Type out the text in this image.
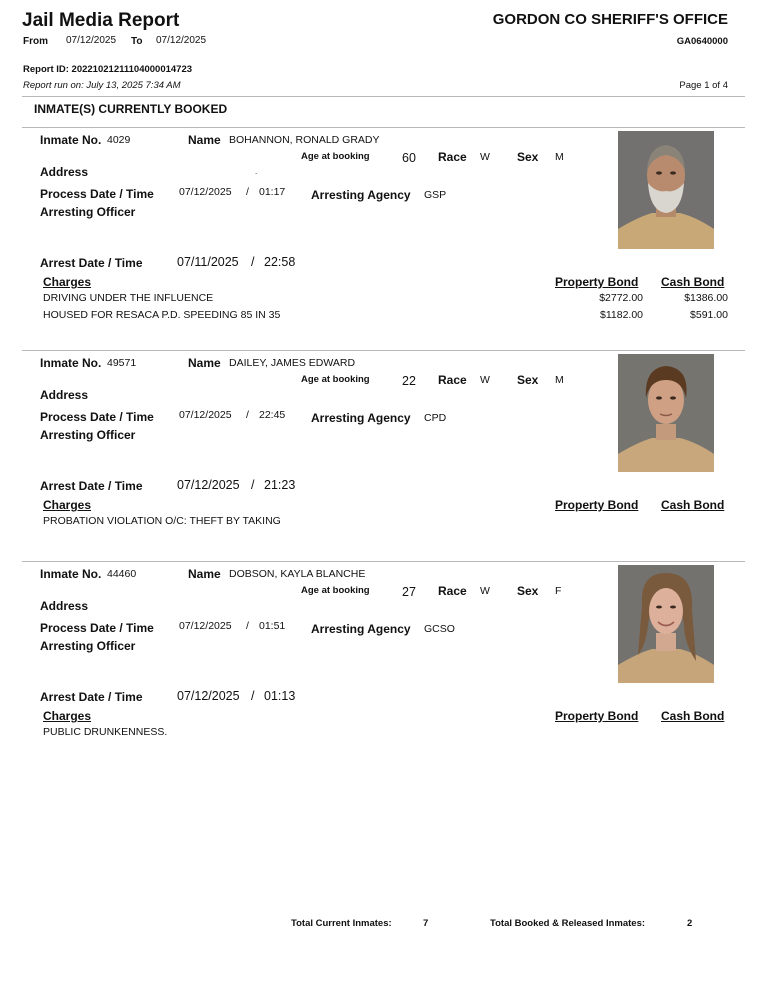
Jail Media Report	GORDON CO SHERIFF'S OFFICE
From 07/12/2025 To 07/12/2025	GA0640000
Report ID: 20221021211104000014723
Report run on: July 13, 2025 7:34 AM	Page 1 of 4
INMATE(S) CURRENTLY BOOKED
Inmate No. 4029	Name BOHANNON, RONALD GRADY
Age at booking	60 Race W Sex M
Address	.
Process Date / Time 07/12/2025 / 01:17 Arresting Agency GSP
Arresting Officer
Arrest Date / Time	07/11/2025 / 22:58
Charges	Property Bond Cash Bond
DRIVING UNDER THE INFLUENCE	$2772.00	$1386.00
HOUSED FOR RESACA P.D. SPEEDING 85 IN 35	$1182.00	$591.00
Inmate No. 49571	Name DAILEY, JAMES EDWARD
Age at booking	22 Race W Sex M
Address
Process Date / Time 07/12/2025 / 22:45 Arresting Agency CPD
Arresting Officer
Arrest Date / Time	07/12/2025 / 21:23
Charges	Property Bond Cash Bond
PROBATION VIOLATION O/C: THEFT BY TAKING
Inmate No. 44460	Name DOBSON, KAYLA BLANCHE
Age at booking	27 Race W Sex F
Address
Process Date / Time 07/12/2025 / 01:51 Arresting Agency GCSO
Arresting Officer
Arrest Date / Time	07/12/2025 / 01:13
Charges	Property Bond Cash Bond
PUBLIC DRUNKENNESS.
Total Current Inmates:	7	Total Booked & Released Inmates:	2
